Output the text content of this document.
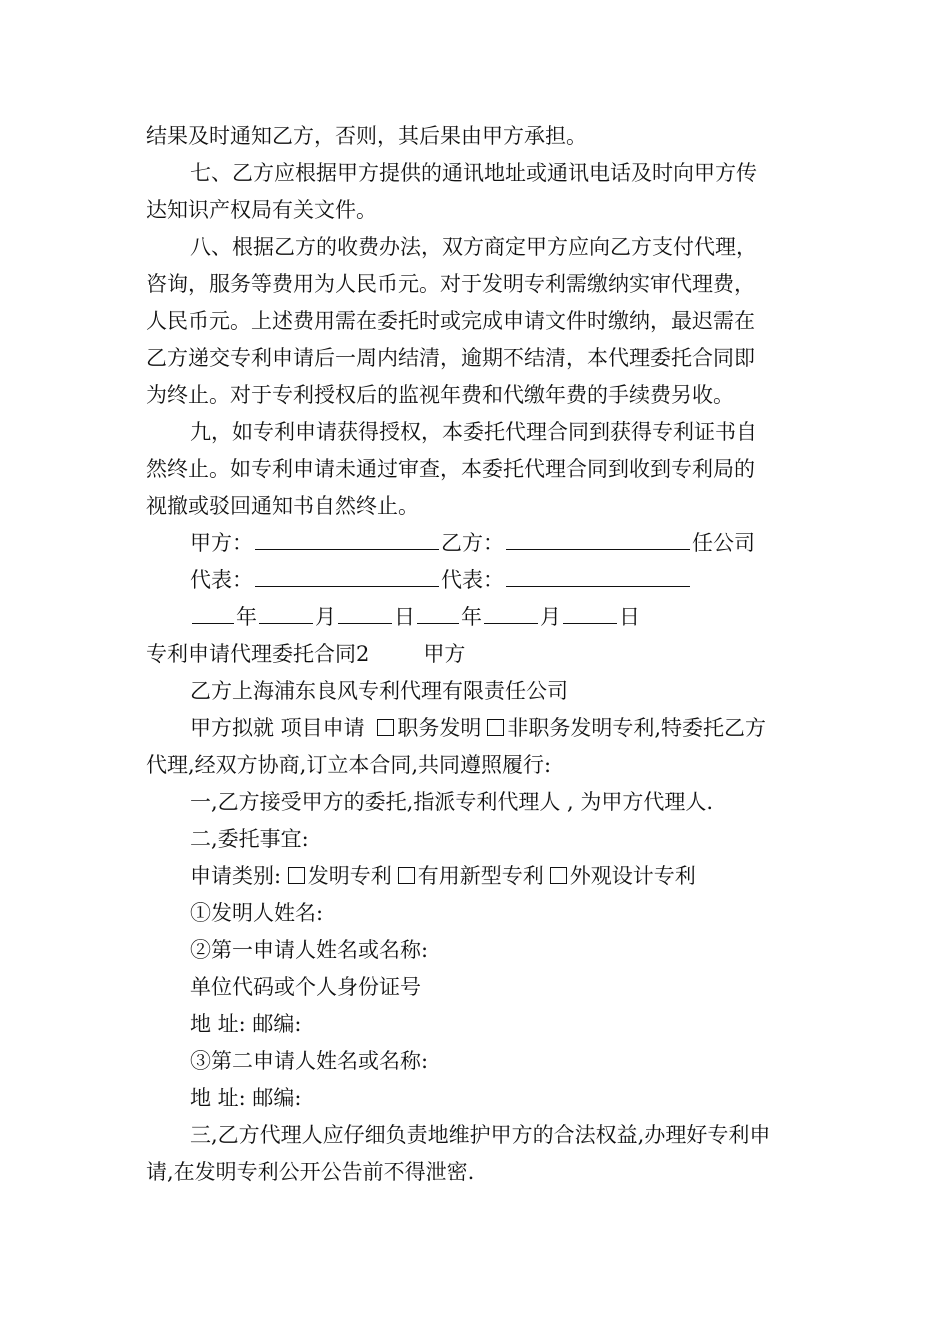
结果及时通知乙方，否则，其后果由甲方承担。
七、乙方应根据甲方提供的通讯地址或通讯电话及时向甲方传
达知识产权局有关文件。
八、根据乙方的收费办法，双方商定甲方应向乙方支付代理，
咨询，服务等费用为人民币元。对于发明专利需缴纳实审代理费，
人民币元。上述费用需在委托时或完成申请文件时缴纳，最迟需在
乙方递交专利申请后一周内结清，逾期不结清，本代理委托合同即
为终止。对于专利授权后的监视年费和代缴年费的手续费另收。
九，如专利申请获得授权，本委托代理合同到获得专利证书自
然终止。如专利申请未通过审查，本委托代理合同到收到专利局的
视撤或驳回通知书自然终止。
甲方：	乙方：	任公司
代表：	代表：
年	月	日 年	月	日
专利申请代理委托合同2	甲方
乙方上海浦东良风专利代理有限责任公司
甲方拟就 项目申请 职务发明 非职务发明专利,特委托乙方
代理,经双方协商,订立本合同,共同遵照履行:
一,乙方接受甲方的委托,指派专利代理人 , 为甲方代理人.
二,委托事宜:
申请类别: 发明专利 有用新型专利 外观设计专利
①发明人姓名:
②第一申请人姓名或名称:
单位代码或个人身份证号
地 址: 邮编:
③第二申请人姓名或名称:
地 址: 邮编:
三,乙方代理人应仔细负责地维护甲方的合法权益,办理好专利申
请,在发明专利公开公告前不得泄密.
